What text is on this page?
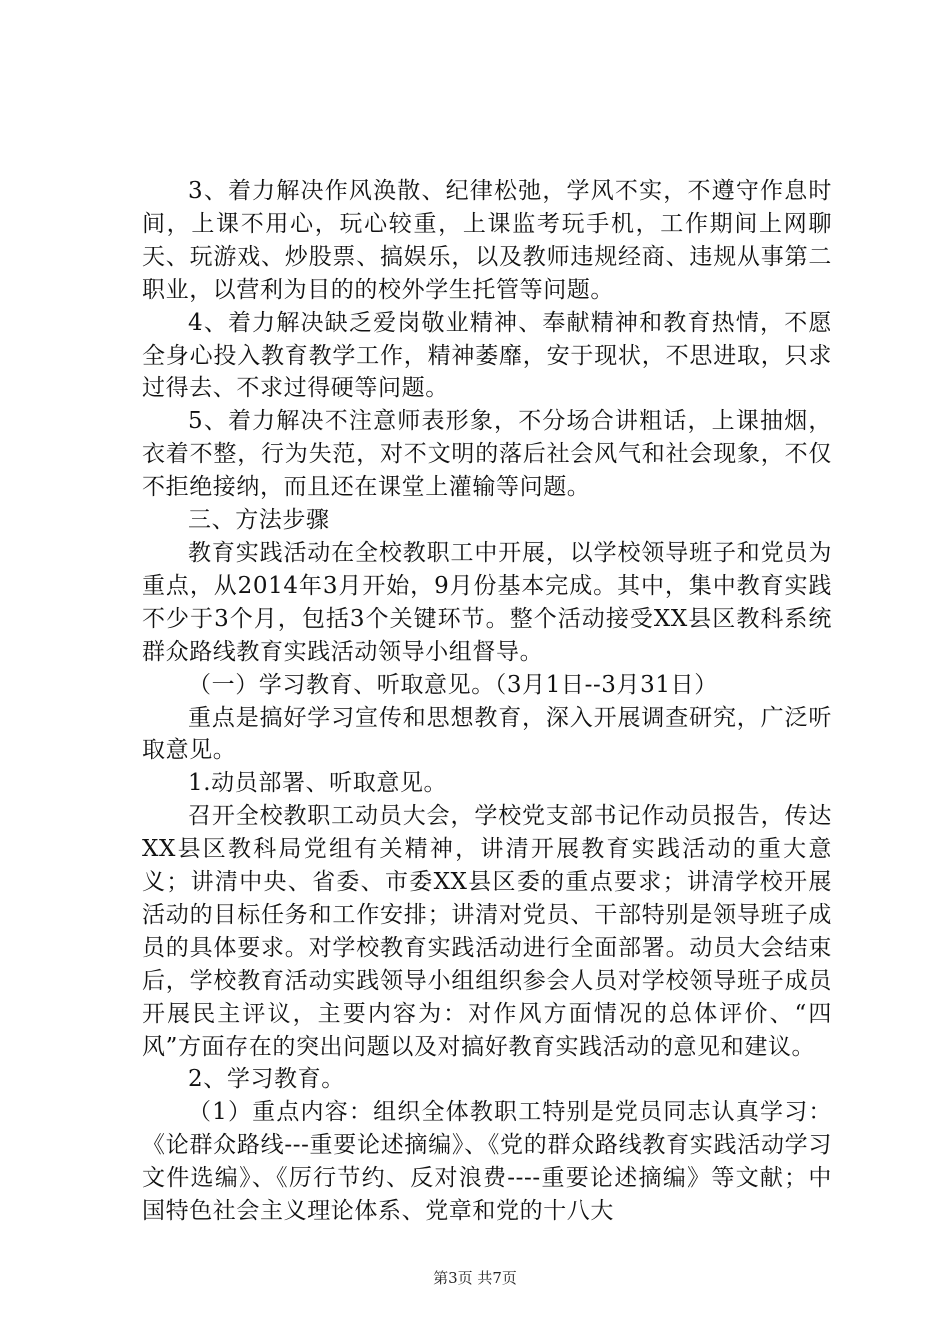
3、着力解决作风涣散、纪律松弛，学风不实，不遵守作息时间，上课不用心，玩心较重，上课监考玩手机，工作期间上网聊天、玩游戏、炒股票、搞娱乐，以及教师违规经商、违规从事第二职业，以营利为目的的校外学生托管等问题。

4、着力解决缺乏爱岗敬业精神、奉献精神和教育热情，不愿全身心投入教育教学工作，精神萎靡，安于现状，不思进取，只求过得去、不求过得硬等问题。

5、着力解决不注意师表形象，不分场合讲粗话，上课抽烟，衣着不整，行为失范，对不文明的落后社会风气和社会现象，不仅不拒绝接纳，而且还在课堂上灌输等问题。

三、方法步骤

教育实践活动在全校教职工中开展，以学校领导班子和党员为重点，从2014年3月开始，9月份基本完成。其中，集中教育实践不少于3个月，包括3个关键环节。整个活动接受XX县区教科系统群众路线教育实践活动领导小组督导。

（一）学习教育、听取意见。（3月1日--3月31日）

重点是搞好学习宣传和思想教育，深入开展调查研究，广泛听取意见。

1.动员部署、听取意见。

召开全校教职工动员大会，学校党支部书记作动员报告，传达XX县区教科局党组有关精神，讲清开展教育实践活动的重大意义；讲清中央、省委、市委XX县区委的重点要求；讲清学校开展活动的目标任务和工作安排；讲清对党员、干部特别是领导班子成员的具体要求。对学校教育实践活动进行全面部署。动员大会结束后，学校教育活动实践领导小组组织参会人员对学校领导班子成员开展民主评议，主要内容为：对作风方面情况的总体评价、“四风”方面存在的突出问题以及对搞好教育实践活动的意见和建议。

2、学习教育。

（1）重点内容：组织全体教职工特别是党员同志认真学习：《论群众路线---重要论述摘编》、《党的群众路线教育实践活动学习文件选编》、《厉行节约、反对浪费----重要论述摘编》等文献；中国特色社会主义理论体系、党章和党的十八大

第3页 共7页
